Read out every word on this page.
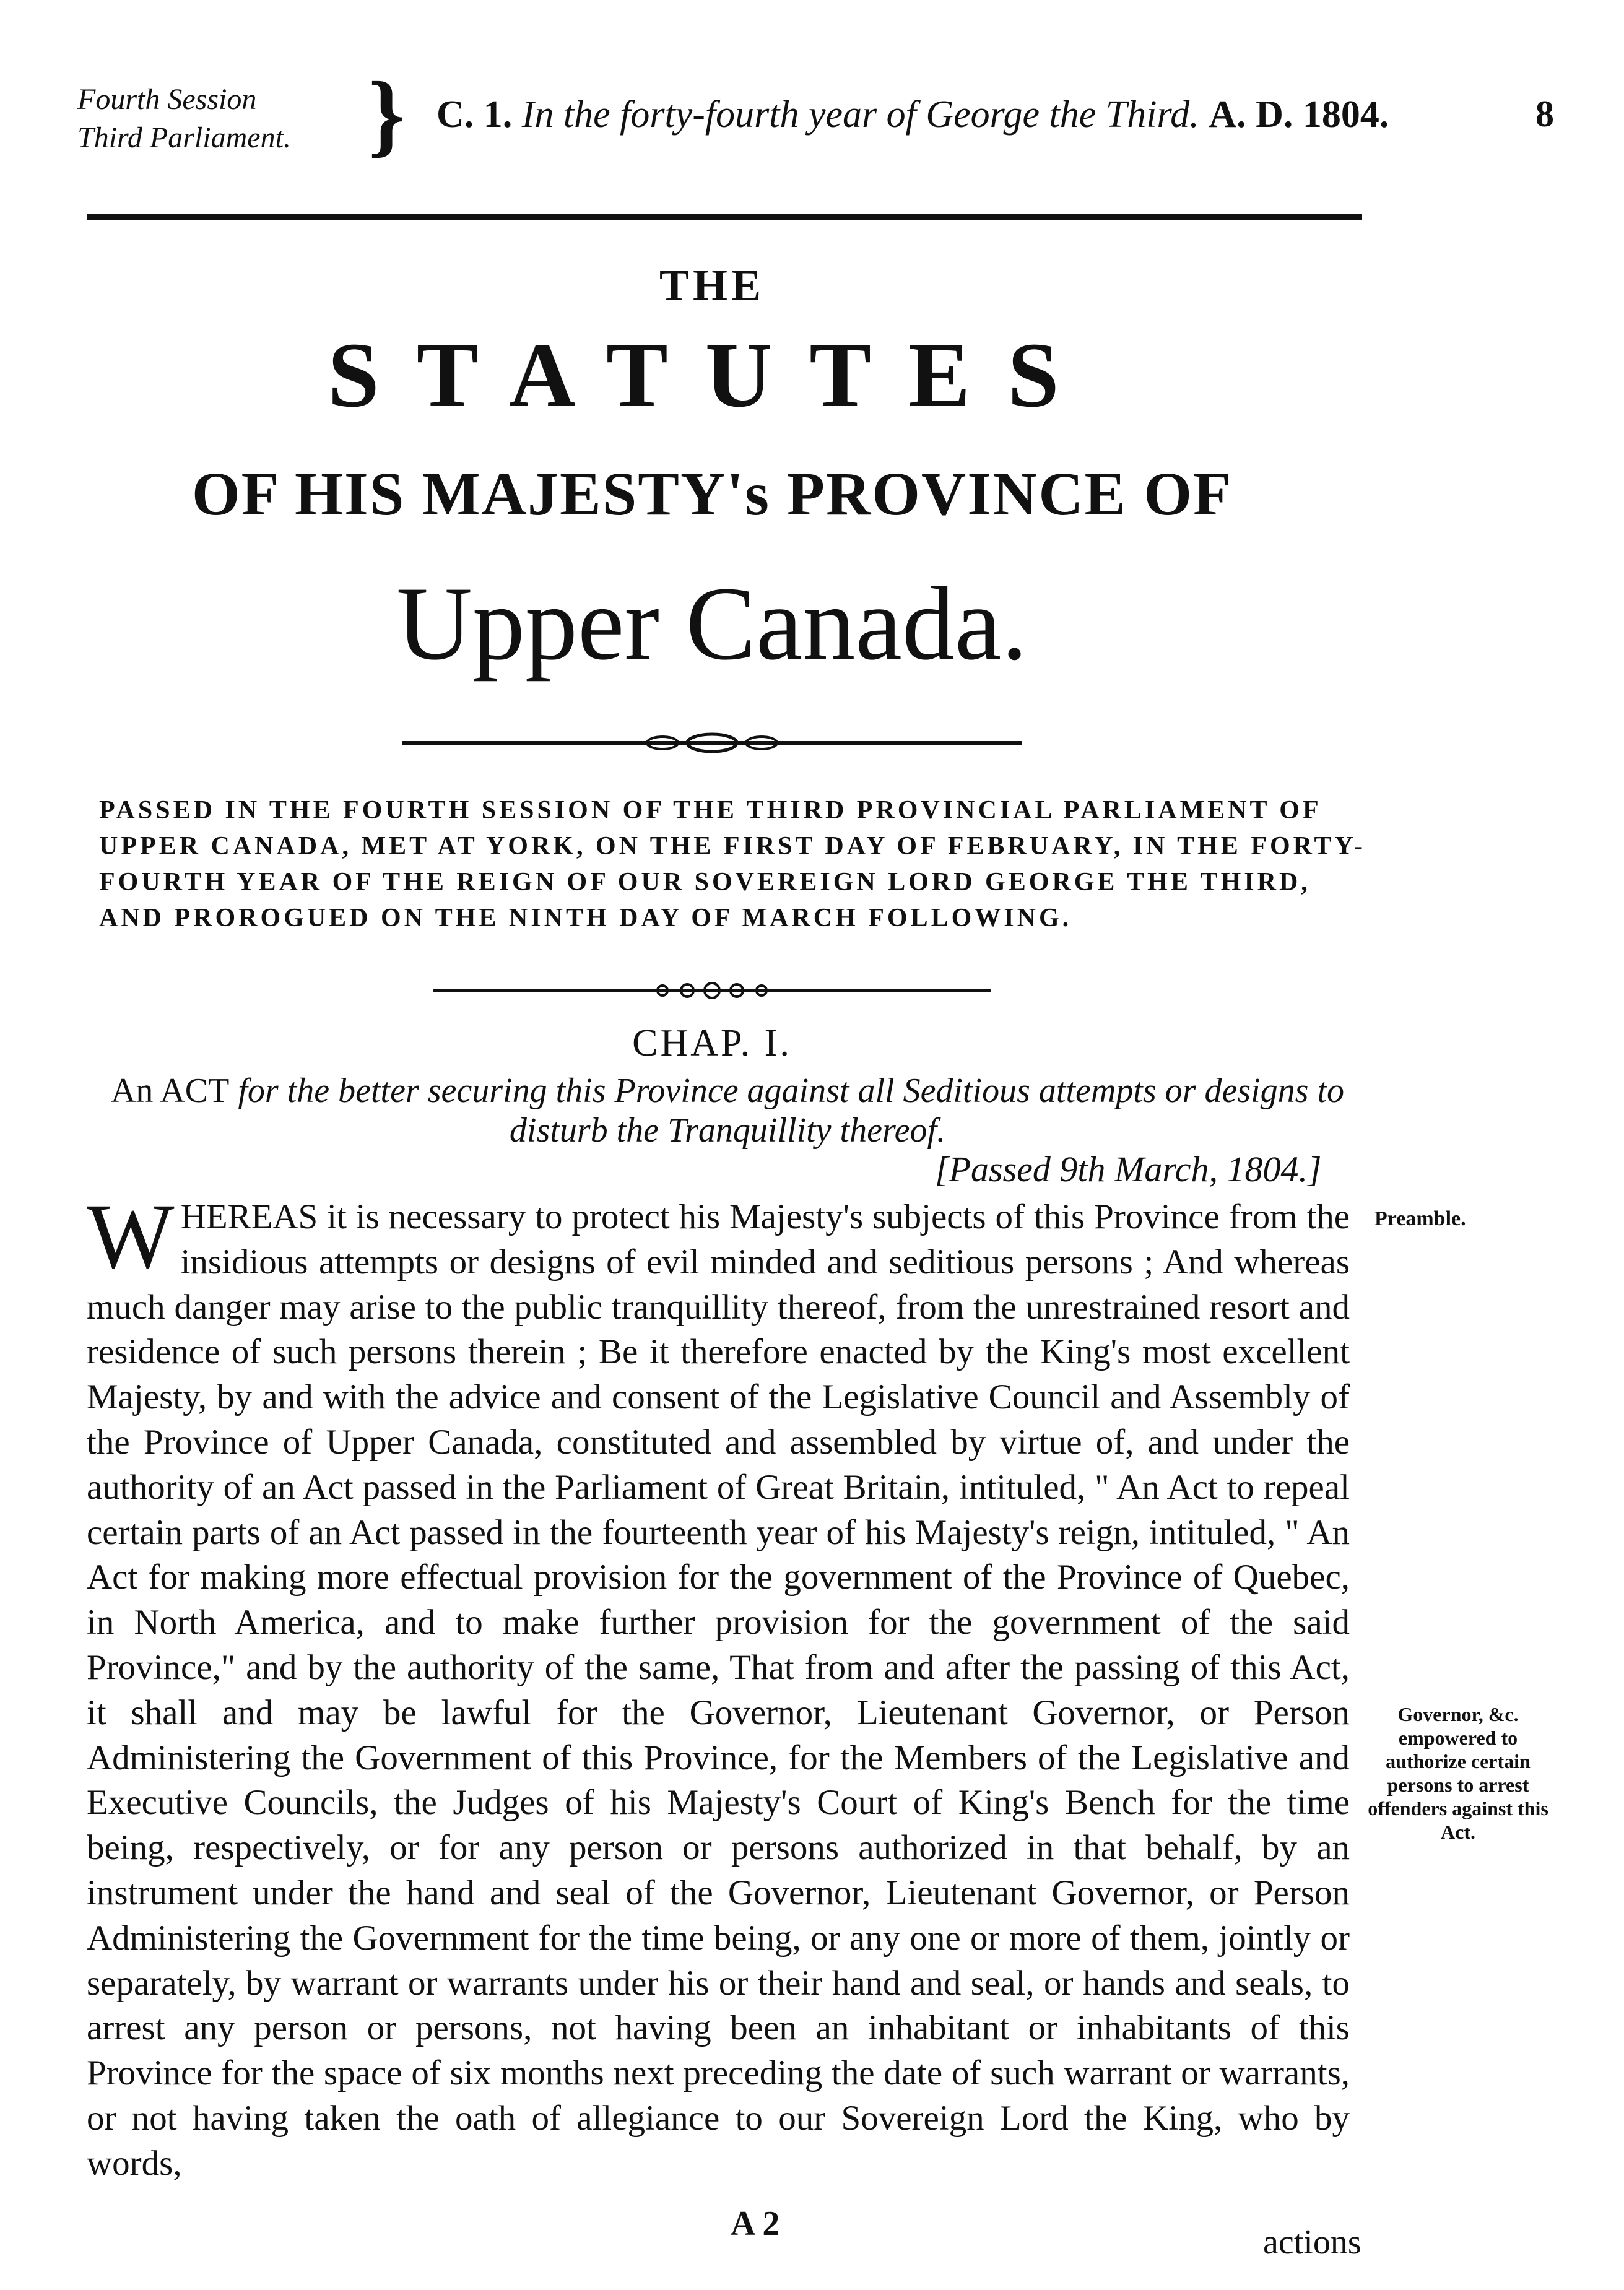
Fourth Session
Third Parliament. } C. 1. In the forty-fourth year of George the Third. A. D. 1804.	8
THE
STATUTES
OF HIS MAJESTY's PROVINCE OF
Upper Canada.
PASSED IN THE FOURTH SESSION OF THE THIRD PROVINCIAL PARLIAMENT OF UPPER CANADA, MET AT YORK, ON THE FIRST DAY OF FEBRUARY, IN THE FORTY-FOURTH YEAR OF THE REIGN OF OUR SOVEREIGN LORD GEORGE THE THIRD, AND PROROGUED ON THE NINTH DAY OF MARCH FOLLOWING.
CHAP. I.
An ACT for the better securing this Province against all Seditious attempts or designs to disturb the Tranquillity thereof.
[Passed 9th March, 1804.]
WHEREAS it is necessary to protect his Majesty's subjects of this Province from the insidious attempts or designs of evil minded and seditious persons ; And whereas much danger may arise to the public tranquillity thereof, from the unrestrained resort and residence of such persons therein ; Be it therefore enacted by the King's most excellent Majesty, by and with the advice and consent of the Legislative Council and Assembly of the Province of Upper Canada, constituted and assembled by virtue of, and under the authority of an Act passed in the Parliament of Great Britain, intituled, " An Act to repeal certain parts of an Act passed in the fourteenth year of his Majesty's reign, intituled, " An Act for making more effectual provision for the government of the Province of Quebec, in North America, and to make further provision for the government of the said Province," and by the authority of the same, That from and after the passing of this Act, it shall and may be lawful for the Governor, Lieutenant Governor, or Person Administering the Government of this Province, for the Members of the Legislative and Executive Councils, the Judges of his Majesty's Court of King's Bench for the time being, respectively, or for any person or persons authorized in that behalf, by an instrument under the hand and seal of the Governor, Lieutenant Governor, or Person Administering the Government for the time being, or any one or more of them, jointly or separately, by warrant or warrants under his or their hand and seal, or hands and seals, to arrest any person or persons, not having been an inhabitant or inhabitants of this Province for the space of six months next preceding the date of such warrant or warrants, or not having taken the oath of allegiance to our Sovereign Lord the King, who by words,
Preamble.
Governor, &c. empowered to authorize certain persons to arrest offenders against this Act.
A 2	actions
